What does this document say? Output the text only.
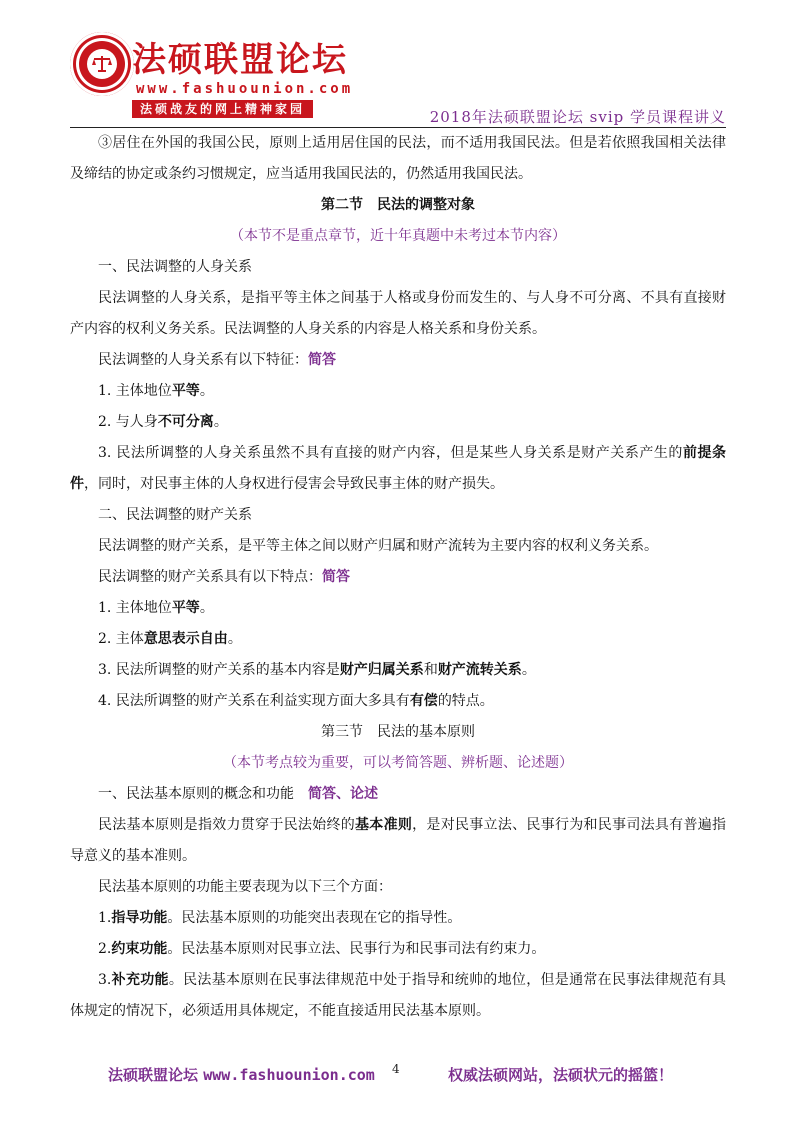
法硕联盟论坛
www.fashuounion.com
法硕战友的网上精神家园	2018年法硕联盟论坛 svip 学员课程讲义

③居住在外国的我国公民，原则上适用居住国的民法，而不适用我国民法。但是若依照我国相关法律及缔结的协定或条约习惯规定，应当适用我国民法的，仍然适用我国民法。

第二节　民法的调整对象

（本节不是重点章节，近十年真题中未考过本节内容）

一、民法调整的人身关系

民法调整的人身关系，是指平等主体之间基于人格或身份而发生的、与人身不可分离、不具有直接财产内容的权利义务关系。民法调整的人身关系的内容是人格关系和身份关系。

民法调整的人身关系有以下特征：简答

1. 主体地位平等。

2. 与人身不可分离。

3. 民法所调整的人身关系虽然不具有直接的财产内容，但是某些人身关系是财产关系产生的前提条件，同时，对民事主体的人身权进行侵害会导致民事主体的财产损失。

二、民法调整的财产关系

民法调整的财产关系，是平等主体之间以财产归属和财产流转为主要内容的权利义务关系。

民法调整的财产关系具有以下特点：简答

1. 主体地位平等。

2. 主体意思表示自由。

3. 民法所调整的财产关系的基本内容是财产归属关系和财产流转关系。

4. 民法所调整的财产关系在利益实现方面大多具有有偿的特点。

第三节　民法的基本原则

（本节考点较为重要，可以考简答题、辨析题、论述题）

一、民法基本原则的概念和功能　 简答、论述

民法基本原则是指效力贯穿于民法始终的基本准则，是对民事立法、民事行为和民事司法具有普遍指导意义的基本准则。

民法基本原则的功能主要表现为以下三个方面：

1.指导功能。民法基本原则的功能突出表现在它的指导性。

2.约束功能。民法基本原则对民事立法、民事行为和民事司法有约束力。

3.补充功能。民法基本原则在民事法律规范中处于指导和统帅的地位，但是通常在民事法律规范有具体规定的情况下，必须适用具体规定，不能直接适用民法基本原则。

法硕联盟论坛 www.fashuounion.com 4	权威法硕网站，法硕状元的摇篮！
